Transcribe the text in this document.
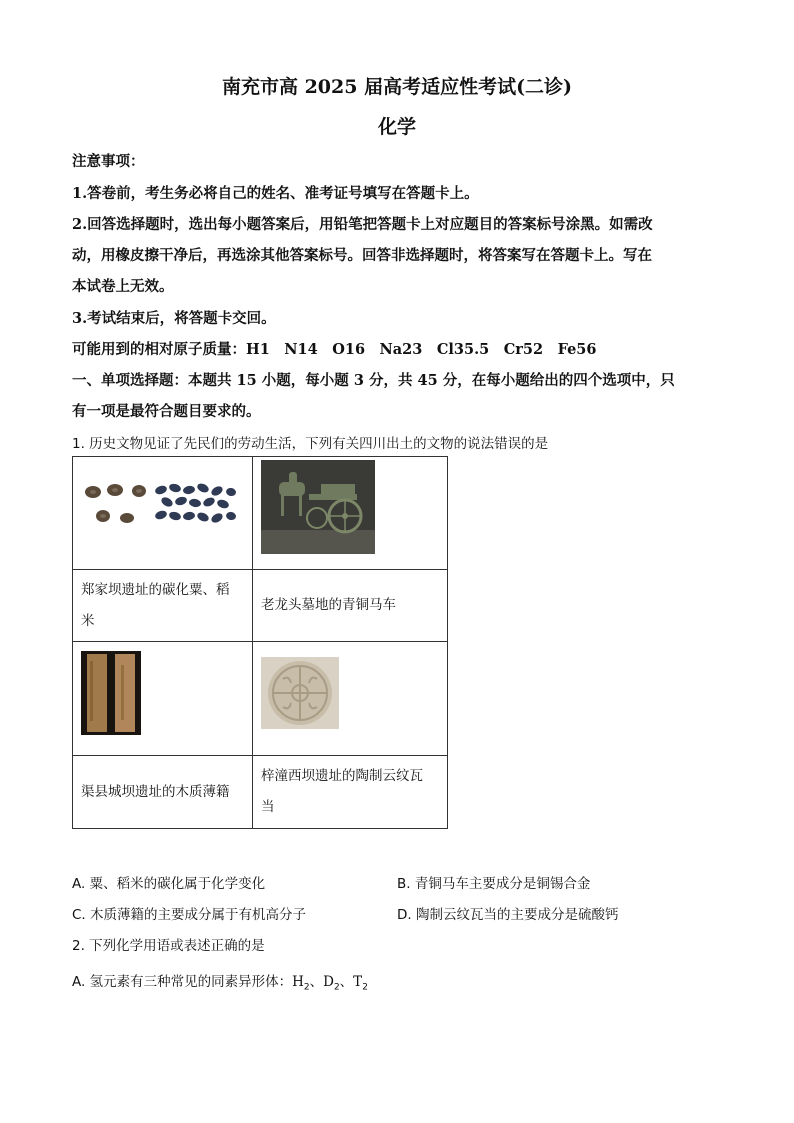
南充市高 2025 届高考适应性考试(二诊)
化学
注意事项：
1.答卷前，考生务必将自己的姓名、准考证号填写在答题卡上。
2.回答选择题时，选出每小题答案后，用铅笔把答题卡上对应题目的答案标号涂黑。如需改
动，用橡皮擦干净后，再选涂其他答案标号。回答非选择题时，将答案写在答题卡上。写在
本试卷上无效。
3.考试结束后，将答题卡交回。
可能用到的相对原子质量：H1　N14　O16　Na23　Cl35.5　Cr52　Fe56
一、单项选择题：本题共 15 小题，每小题 3 分，共 45 分，在每小题给出的四个选项中，只
有一项是最符合题目要求的。
1. 历史文物见证了先民们的劳动生活，下列有关四川出土的文物的说法错误的是

郑家坝遗址的碳化粟、稻
米	老龙头墓地的青铜马车

渠县城坝遗址的木质薄籍	梓潼西坝遗址的陶制云纹瓦
当
A. 粟、稻米的碳化属于化学变化	B. 青铜马车主要成分是铜锡合金
C. 木质薄籍的主要成分属于有机高分子	D. 陶制云纹瓦当的主要成分是硫酸钙
2. 下列化学用语或表述正确的是
A. 氢元素有三种常见的同素异形体：$H_2$、$D_2$、$T_2$
